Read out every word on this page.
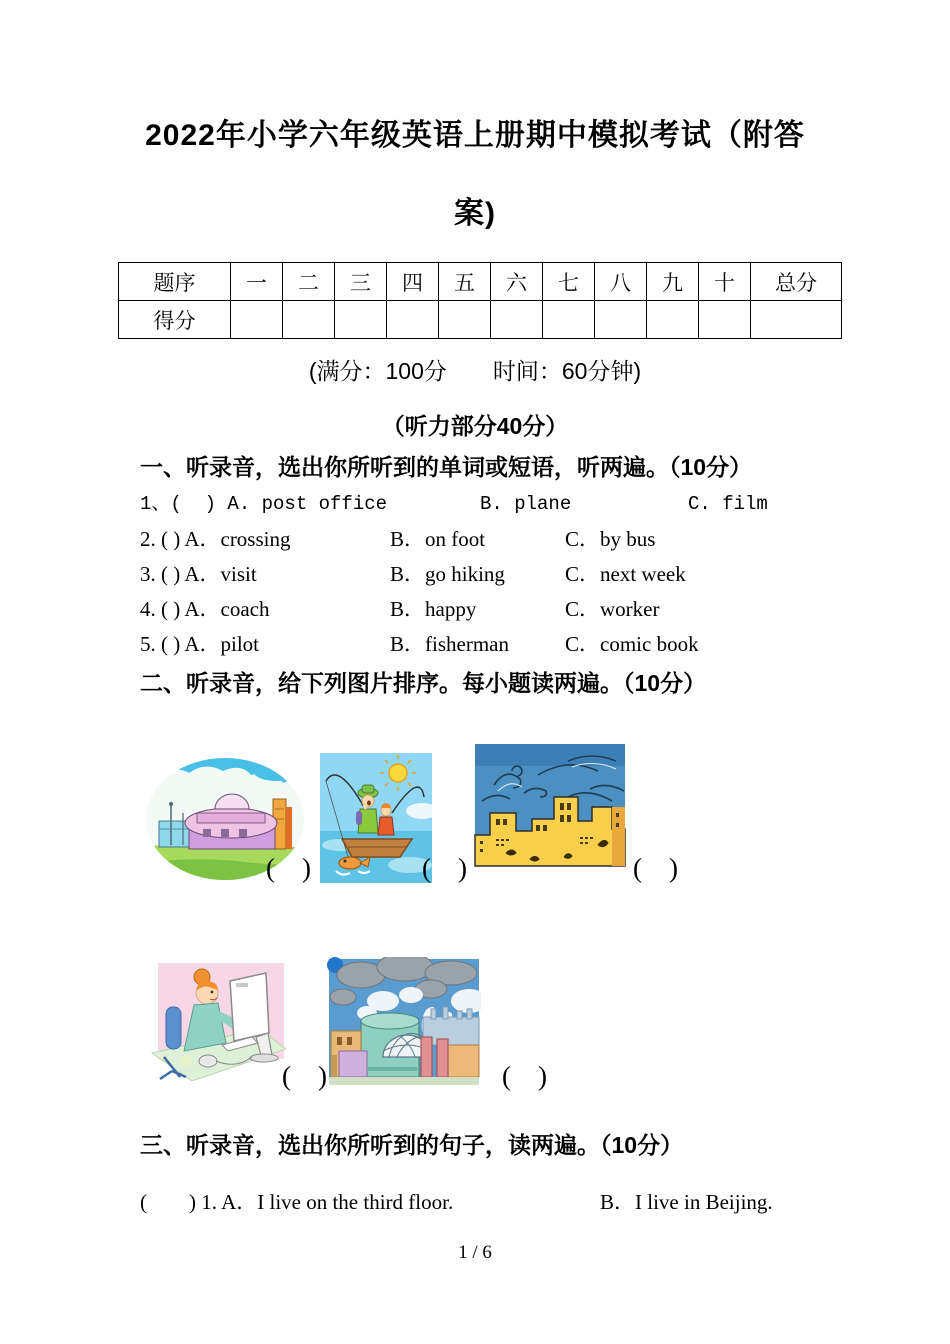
2022年小学六年级英语上册期中模拟考试（附答
案)
题序	一	二	三	四	五	六	七	八	九	十	总分
得分											
(满分：100分　　时间：60分钟)
（听力部分40分）
一、听录音，选出你所听到的单词或短语，听两遍。（10分）
1、(  ) A. post office	B. plane	C. film
2. ( ) A．crossing	B．on foot	C．by bus
3. ( ) A．visit	B．go hiking	C．next week
4. ( ) A．coach	B．happy	C．worker
5. ( ) A．pilot	B．fisherman	C．comic book
二、听录音，给下列图片排序。每小题读两遍。（10分）
(　)	(　)	(　)
(　)	(　)
三、听录音，选出你所听到的句子，读两遍。（10分）
(　　) 1. A．I live on the third floor.	B．I live in Beijing.
1 / 6
